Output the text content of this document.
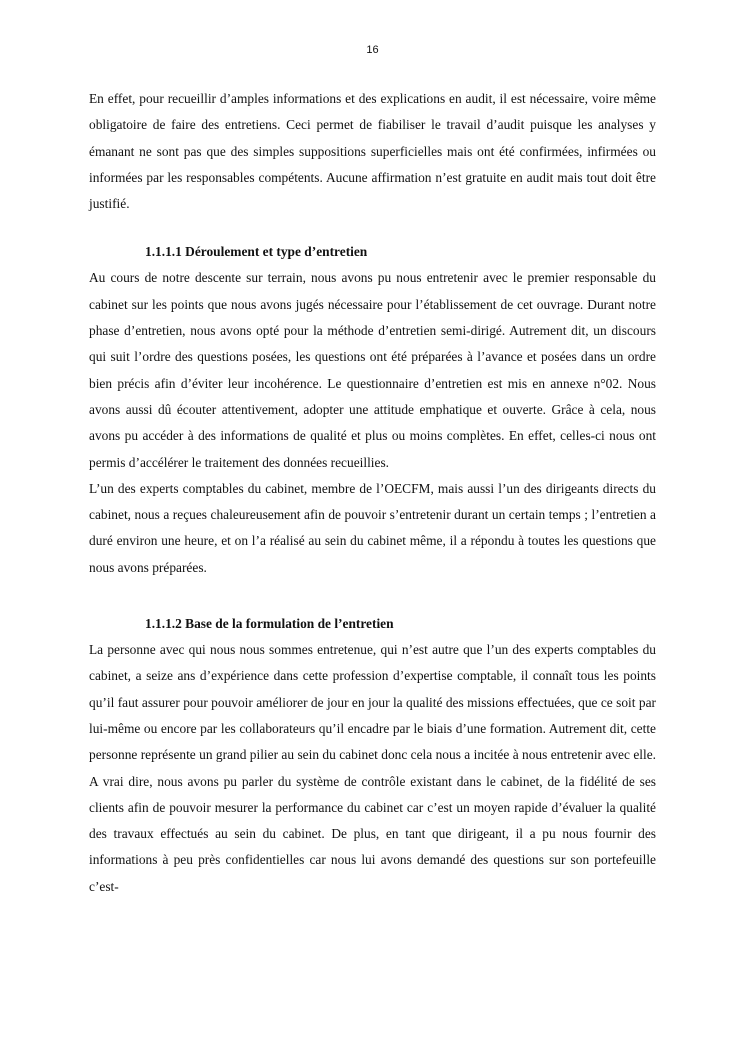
16

En effet, pour recueillir d’amples informations et des explications en audit, il est nécessaire, voire même obligatoire de faire des entretiens. Ceci permet de fiabiliser le travail d’audit puisque les analyses y émanant ne sont pas que des simples suppositions superficielles mais ont été confirmées, infirmées ou informées par les responsables compétents. Aucune affirmation n’est gratuite en audit mais tout doit être justifié.

1.1.1.1 Déroulement et type d’entretien

Au cours de notre descente sur terrain, nous avons pu nous entretenir avec le premier responsable du cabinet sur les points que nous avons jugés nécessaire pour l’établissement de cet ouvrage. Durant notre phase d’entretien, nous avons opté pour la méthode d’entretien semi-dirigé. Autrement dit, un discours qui suit l’ordre des questions posées, les questions ont été préparées à l’avance et posées dans un ordre bien précis afin d’éviter leur incohérence. Le questionnaire d’entretien est mis en annexe n°02. Nous avons aussi dû écouter attentivement, adopter une attitude emphatique et ouverte. Grâce à cela, nous avons pu accéder à des informations de qualité et plus ou moins complètes. En effet, celles-ci nous ont permis d’accélérer le traitement des données recueillies.

L’un des experts comptables du cabinet, membre de l’OECFM, mais aussi l’un des dirigeants directs du cabinet, nous a reçues chaleureusement afin de pouvoir s’entretenir durant un certain temps ; l’entretien a duré environ une heure, et on l’a réalisé au sein du cabinet même, il a répondu à toutes les questions que nous avons préparées.

1.1.1.2 Base de la formulation de l’entretien

La personne avec qui nous nous sommes entretenue, qui n’est autre que l’un des experts comptables du cabinet, a seize ans d’expérience dans cette profession d’expertise comptable, il connaît tous les points qu’il faut assurer pour pouvoir améliorer de jour en jour la qualité des missions effectuées, que ce soit par lui-même ou encore par les collaborateurs qu’il encadre par le biais d’une formation. Autrement dit, cette personne représente un grand pilier au sein du cabinet donc cela nous a incitée à nous entretenir avec elle. A vrai dire, nous avons pu parler du système de contrôle existant dans le cabinet, de la fidélité de ses clients afin de pouvoir mesurer la performance du cabinet car c’est un moyen rapide d’évaluer la qualité des travaux effectués au sein du cabinet. De plus, en tant que dirigeant, il a pu nous fournir des informations à peu près confidentielles car nous lui avons demandé des questions sur son portefeuille c’est-
